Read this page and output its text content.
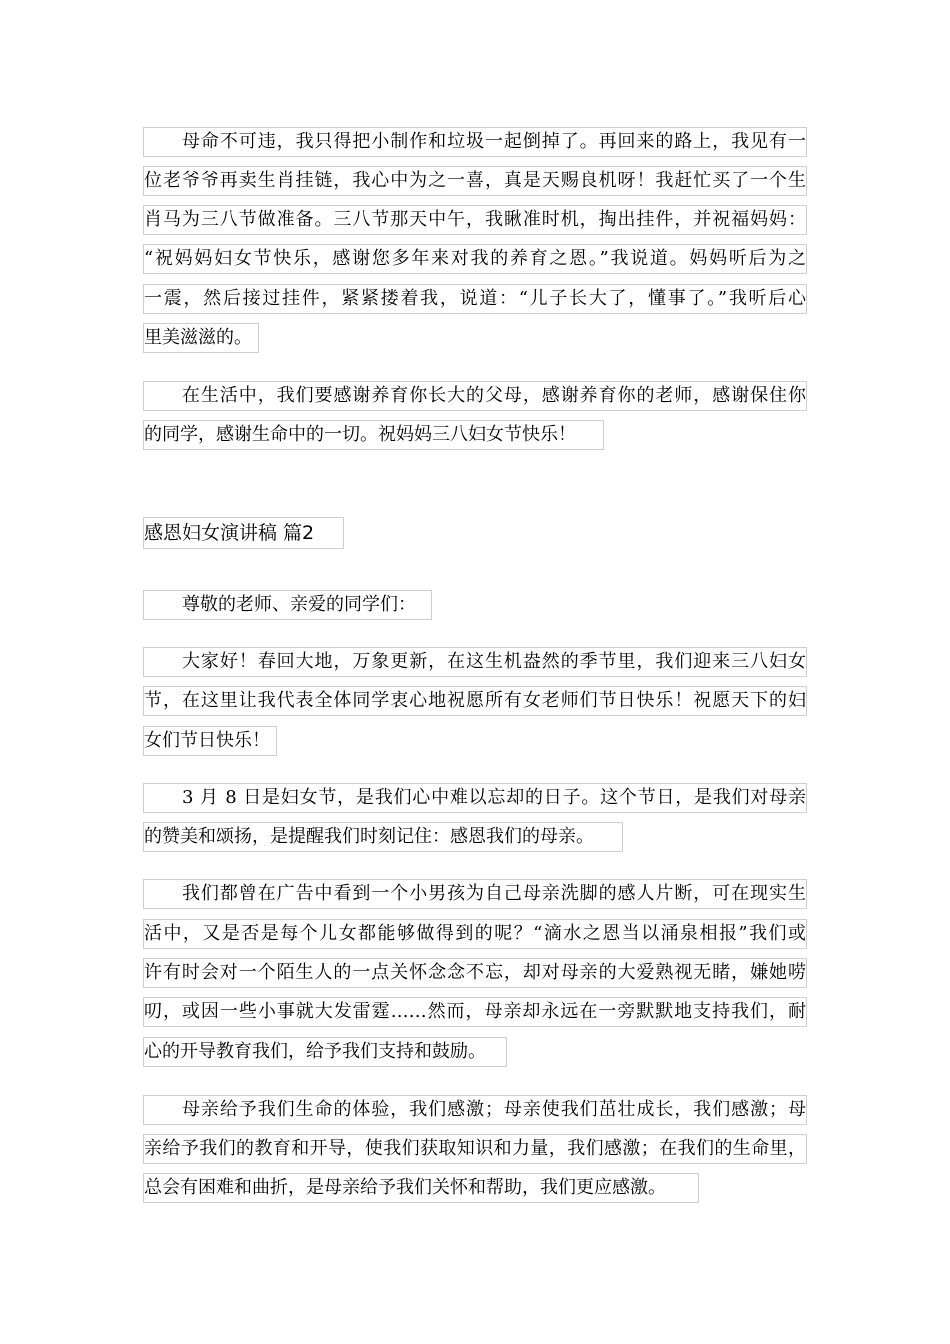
母命不可违，我只得把小制作和垃圾一起倒掉了。再回来的路上，我见有一
位老爷爷再卖生肖挂链，我心中为之一喜，真是天赐良机呀！我赶忙买了一个生
肖马为三八节做准备。三八节那天中午，我瞅准时机，掏出挂件，并祝福妈妈：
“祝妈妈妇女节快乐，感谢您多年来对我的养育之恩。”我说道。妈妈听后为之
一震，然后接过挂件，紧紧搂着我，说道：“儿子长大了，懂事了。”我听后心
里美滋滋的。
在生活中，我们要感谢养育你长大的父母，感谢养育你的老师，感谢保住你
的同学，感谢生命中的一切。祝妈妈三八妇女节快乐！
感恩妇女演讲稿 篇2
尊敬的老师、亲爱的同学们：
大家好！春回大地，万象更新，在这生机盎然的季节里，我们迎来三八妇女
节，在这里让我代表全体同学衷心地祝愿所有女老师们节日快乐！祝愿天下的妇
女们节日快乐！
3 月 8 日是妇女节，是我们心中难以忘却的日子。这个节日，是我们对母亲
的赞美和颂扬，是提醒我们时刻记住：感恩我们的母亲。
我们都曾在广告中看到一个小男孩为自己母亲洗脚的感人片断，可在现实生
活中，又是否是每个儿女都能够做得到的呢？“滴水之恩当以涌泉相报”我们或
许有时会对一个陌生人的一点关怀念念不忘，却对母亲的大爱熟视无睹，嫌她唠
叨，或因一些小事就大发雷霆……然而，母亲却永远在一旁默默地支持我们，耐
心的开导教育我们，给予我们支持和鼓励。
母亲给予我们生命的体验，我们感激；母亲使我们茁壮成长，我们感激；母
亲给予我们的教育和开导，使我们获取知识和力量，我们感激；在我们的生命里，
总会有困难和曲折，是母亲给予我们关怀和帮助，我们更应感激。
